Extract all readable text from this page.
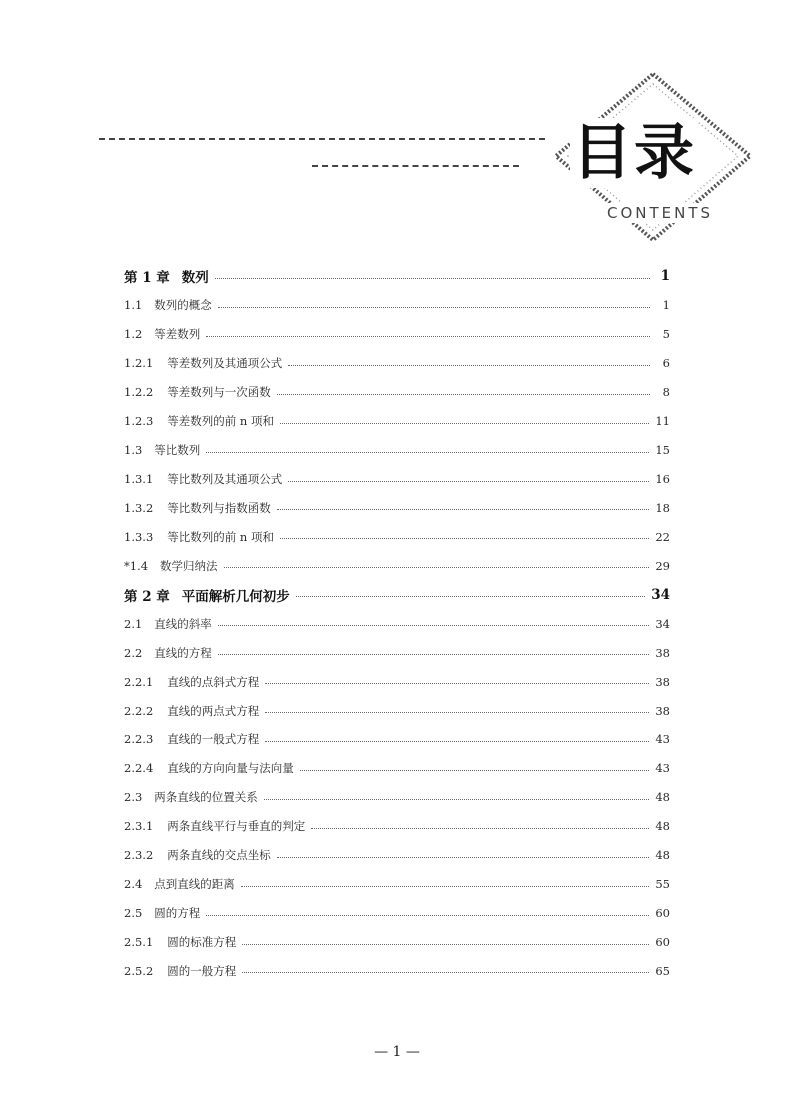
目录
CONTENTS
第 1 章 数列	1
1.1	数列的概念	1
1.2	等差数列	5
1.2.1	等差数列及其通项公式	6
1.2.2	等差数列与一次函数	8
1.2.3	等差数列的前 n 项和	11
1.3	等比数列	15
1.3.1	等比数列及其通项公式	16
1.3.2	等比数列与指数函数	18
1.3.3	等比数列的前 n 项和	22
*1.4	数学归纳法	29
第 2 章 平面解析几何初步	34
2.1	直线的斜率	34
2.2	直线的方程	38
2.2.1	直线的点斜式方程	38
2.2.2	直线的两点式方程	38
2.2.3	直线的一般式方程	43
2.2.4	直线的方向向量与法向量	43
2.3	两条直线的位置关系	48
2.3.1	两条直线平行与垂直的判定	48
2.3.2	两条直线的交点坐标	48
2.4	点到直线的距离	55
2.5	圆的方程	60
2.5.1	圆的标准方程	60
2.5.2	圆的一般方程	65
— 1 —
